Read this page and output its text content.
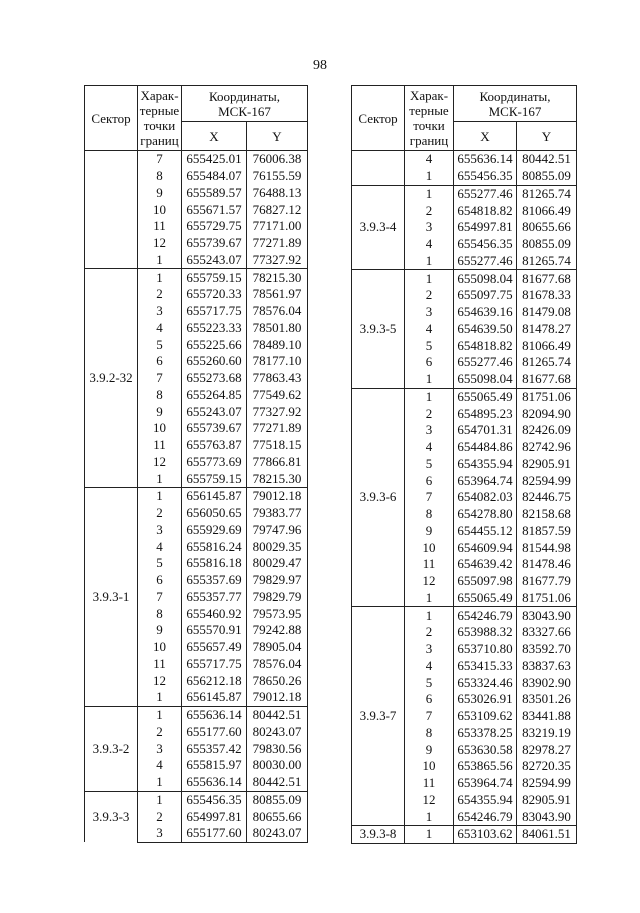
98
Сектор	Харак-терные точки границ	Координаты, МСК-167	
		X	Y
	7	655425.01	76006.38
	8	655484.07	76155.59
	9	655589.57	76488.13
	10	655671.57	76827.12
	11	655729.75	77171.00
	12	655739.67	77271.89
	1	655243.07	77327.92
3.9.2-32	1	655759.15	78215.30
	2	655720.33	78561.97
	3	655717.75	78576.04
	4	655223.33	78501.80
	5	655225.66	78489.10
	6	655260.60	78177.10
	7	655273.68	77863.43
	8	655264.85	77549.62
	9	655243.07	77327.92
	10	655739.67	77271.89
	11	655763.87	77518.15
	12	655773.69	77866.81
	1	655759.15	78215.30
3.9.3-1	1	656145.87	79012.18
	2	656050.65	79383.77
	3	655929.69	79747.96
	4	655816.24	80029.35
	5	655816.18	80029.47
	6	655357.69	79829.97
	7	655357.77	79829.79
	8	655460.92	79573.95
	9	655570.91	79242.88
	10	655657.49	78905.04
	11	655717.75	78576.04
	12	656212.18	78650.26
	1	656145.87	79012.18
3.9.3-2	1	655636.14	80442.51
	2	655177.60	80243.07
	3	655357.42	79830.56
	4	655815.97	80030.00
	1	655636.14	80442.51
3.9.3-3	1	655456.35	80855.09
	2	654997.81	80655.66
	3	655177.60	80243.07
Сектор	Харак-терные точки границ	Координаты, МСК-167	
		X	Y
	4	655636.14	80442.51
	1	655456.35	80855.09
3.9.3-4	1	655277.46	81265.74
	2	654818.82	81066.49
	3	654997.81	80655.66
	4	655456.35	80855.09
	1	655277.46	81265.74
3.9.3-5	1	655098.04	81677.68
	2	655097.75	81678.33
	3	654639.16	81479.08
	4	654639.50	81478.27
	5	654818.82	81066.49
	6	655277.46	81265.74
	1	655098.04	81677.68
3.9.3-6	1	655065.49	81751.06
	2	654895.23	82094.90
	3	654701.31	82426.09
	4	654484.86	82742.96
	5	654355.94	82905.91
	6	653964.74	82594.99
	7	654082.03	82446.75
	8	654278.80	82158.68
	9	654455.12	81857.59
	10	654609.94	81544.98
	11	654639.42	81478.46
	12	655097.98	81677.79
	1	655065.49	81751.06
3.9.3-7	1	654246.79	83043.90
	2	653988.32	83327.66
	3	653710.80	83592.70
	4	653415.33	83837.63
	5	653324.46	83902.90
	6	653026.91	83501.26
	7	653109.62	83441.88
	8	653378.25	83219.19
	9	653630.58	82978.27
	10	653865.56	82720.35
	11	653964.74	82594.99
	12	654355.94	82905.91
	1	654246.79	83043.90
3.9.3-8	1	653103.62	84061.51
